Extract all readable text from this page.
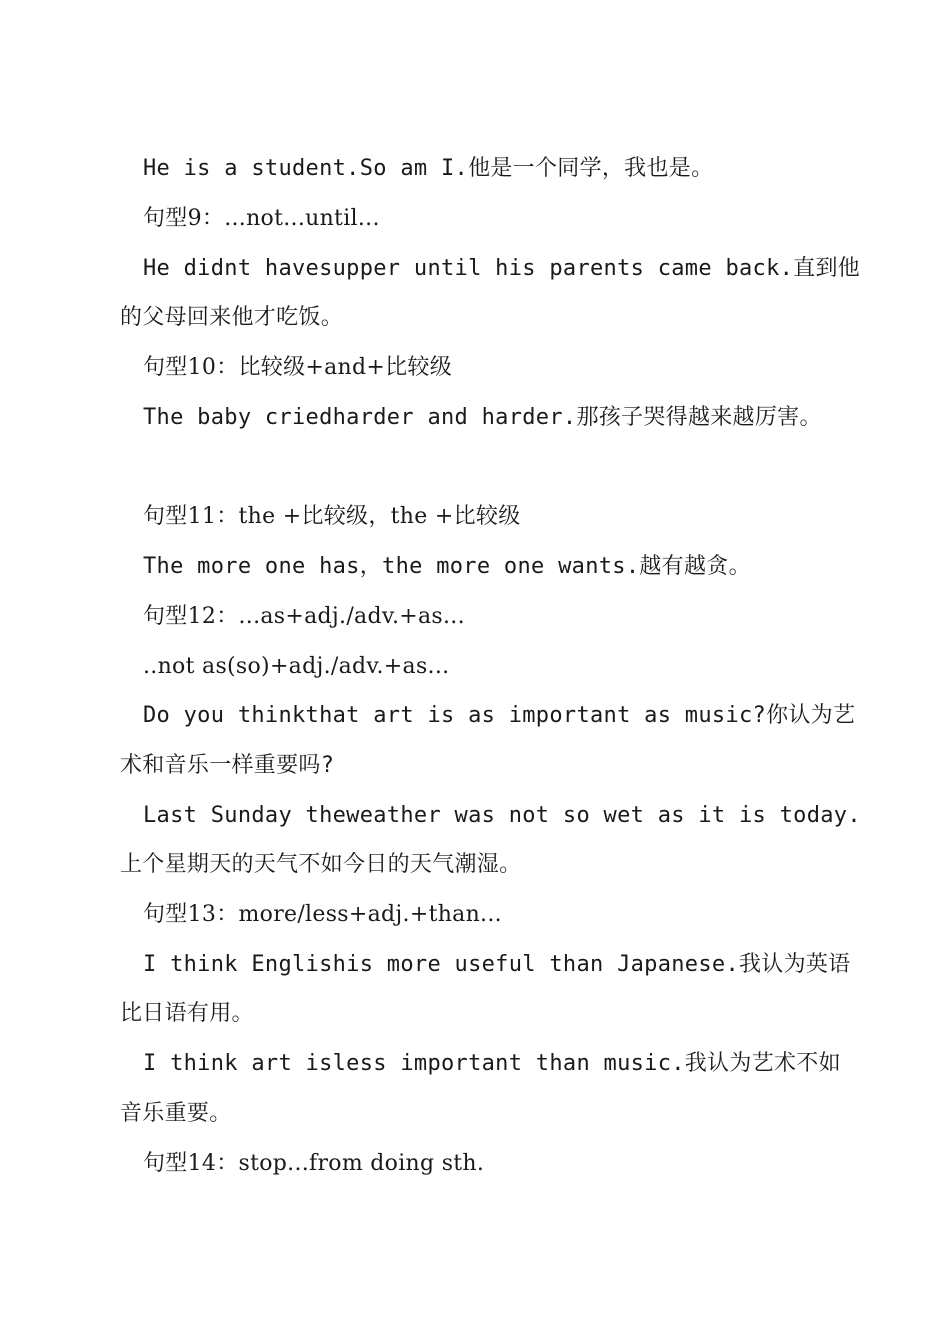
He is a student.So am I.他是一个同学，我也是。
句型9：...not...until...
He didnt havesupper until his parents came back.直到他
的父母回来他才吃饭。
句型10：比较级+and+比较级
The baby criedharder and harder.那孩子哭得越来越厉害。
句型11：the +比较级，the +比较级
The more one has，the more one wants.越有越贪。
句型12：...as+adj./adv.+as...
..not as(so)+adj./adv.+as...
Do you thinkthat art is as important as music?你认为艺
术和音乐一样重要吗?
Last Sunday theweather was not so wet as it is today.
上个星期天的天气不如今日的天气潮湿。
句型13：more/less+adj.+than...
I think Englishis more useful than Japanese.我认为英语
比日语有用。
I think art isless important than music.我认为艺术不如
音乐重要。
句型14：stop...from doing sth.
